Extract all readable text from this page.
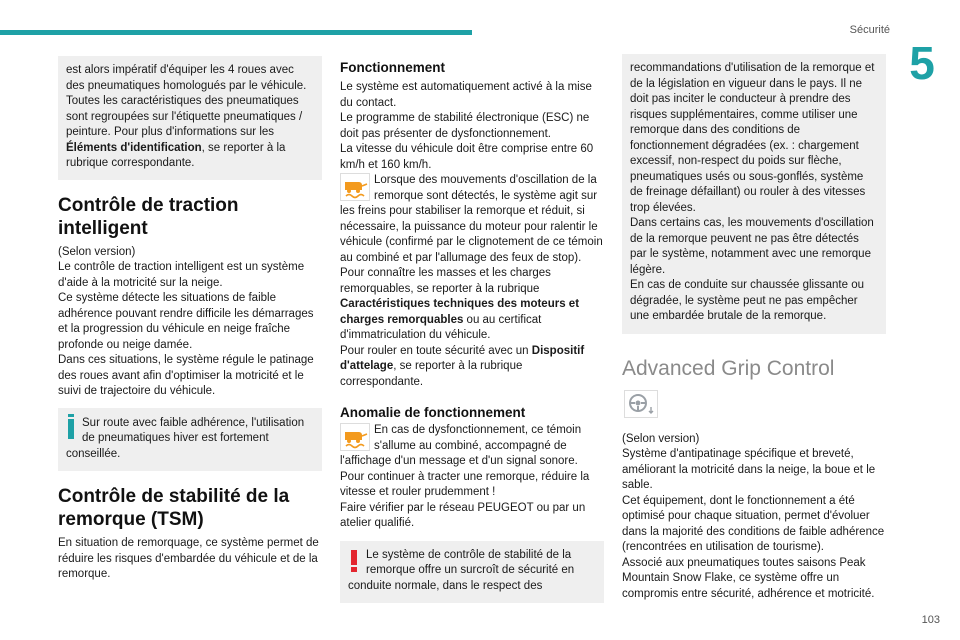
Sécurité
5
103

est alors impératif d'équiper les 4 roues avec des pneumatiques homologués par le véhicule.

Toutes les caractéristiques des pneumatiques sont regroupées sur l'étiquette pneumatiques / peinture. Pour plus d'informations sur les Éléments d'identification, se reporter à la rubrique correspondante.

Contrôle de traction intelligent

(Selon version)

Le contrôle de traction intelligent est un système d'aide à la motricité sur la neige.

Ce système détecte les situations de faible adhérence pouvant rendre difficile les démarrages et la progression du véhicule en neige fraîche profonde ou neige damée.

Dans ces situations, le système régule le patinage des roues avant afin d'optimiser la motricité et le suivi de trajectoire du véhicule.

Sur route avec faible adhérence, l'utilisation de pneumatiques hiver est fortement conseillée.

Contrôle de stabilité de la remorque (TSM)

En situation de remorquage, ce système permet de réduire les risques d'embardée du véhicule et de la remorque.

Fonctionnement

Le système est automatiquement activé à la mise du contact.

Le programme de stabilité électronique (ESC) ne doit pas présenter de dysfonctionnement.

La vitesse du véhicule doit être comprise entre 60 km/h et 160 km/h.

Lorsque des mouvements d'oscillation de la remorque sont détectés, le système agit sur les freins pour stabiliser la remorque et réduit, si nécessaire, la puissance du moteur pour ralentir le véhicule (confirmé par le clignotement de ce témoin au combiné et par l'allumage des feux de stop).

Pour connaître les masses et les charges remorquables, se reporter à la rubrique Caractéristiques techniques des moteurs et charges remorquables ou au certificat d'immatriculation du véhicule.

Pour rouler en toute sécurité avec un Dispositif d'attelage, se reporter à la rubrique correspondante.

Anomalie de fonctionnement

En cas de dysfonctionnement, ce témoin s'allume au combiné, accompagné de l'affichage d'un message et d'un signal sonore.

Pour continuer à tracter une remorque, réduire la vitesse et rouler prudemment !

Faire vérifier par le réseau PEUGEOT ou par un atelier qualifié.

Le système de contrôle de stabilité de la remorque offre un surcroît de sécurité en conduite normale, dans le respect des

recommandations d'utilisation de la remorque et de la législation en vigueur dans le pays. Il ne doit pas inciter le conducteur à prendre des risques supplémentaires, comme utiliser une remorque dans des conditions de fonctionnement dégradées (ex. : chargement excessif, non-respect du poids sur flèche, pneumatiques usés ou sous-gonflés, système de freinage défaillant) ou rouler à des vitesses trop élevées.

Dans certains cas, les mouvements d'oscillation de la remorque peuvent ne pas être détectés par le système, notamment avec une remorque légère.

En cas de conduite sur chaussée glissante ou dégradée, le système peut ne pas empêcher une embardée brutale de la remorque.

Advanced Grip Control

(Selon version)

Système d'antipatinage spécifique et breveté, améliorant la motricité dans la neige, la boue et le sable.

Cet équipement, dont le fonctionnement a été optimisé pour chaque situation, permet d'évoluer dans la majorité des conditions de faible adhérence (rencontrées en utilisation de tourisme).

Associé aux pneumatiques toutes saisons Peak Mountain Snow Flake, ce système offre un compromis entre sécurité, adhérence et motricité.
